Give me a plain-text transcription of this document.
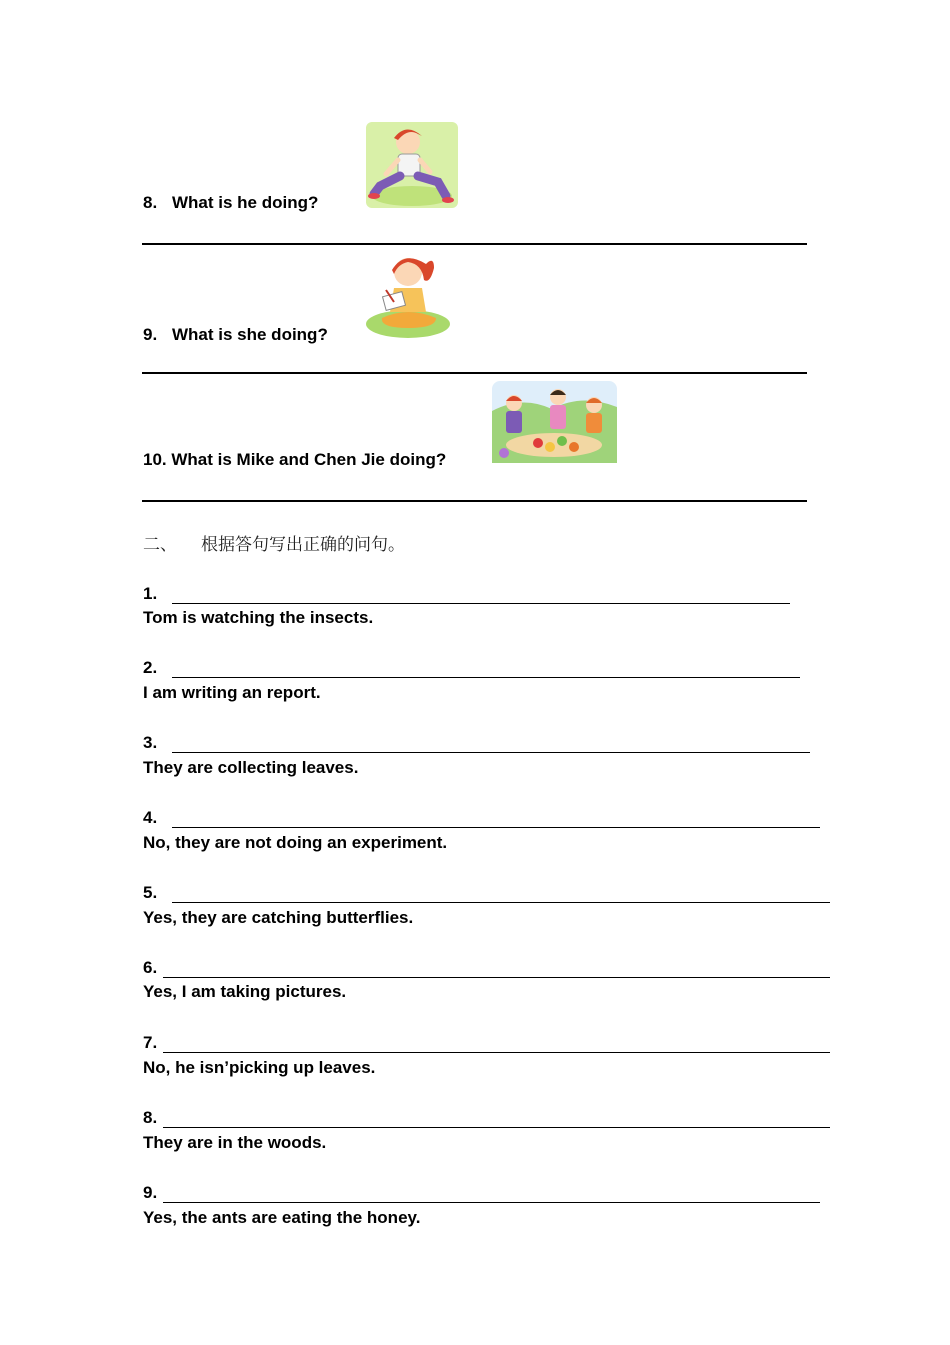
8. What is he doing?
9. What is she doing?
10. What is Mike and Chen Jie doing?
二、 根据答句写出正确的问句。
1.
Tom is watching the insects.
2.
I am writing an report.
3.
They are collecting leaves.
4.
No, they are not doing an experiment.
5.
Yes, they are catching butterflies.
6.
Yes, I am taking pictures.
7.
No, he isnʼpicking up leaves.
8.
They are in the woods.
9.
Yes, the ants are eating the honey.
